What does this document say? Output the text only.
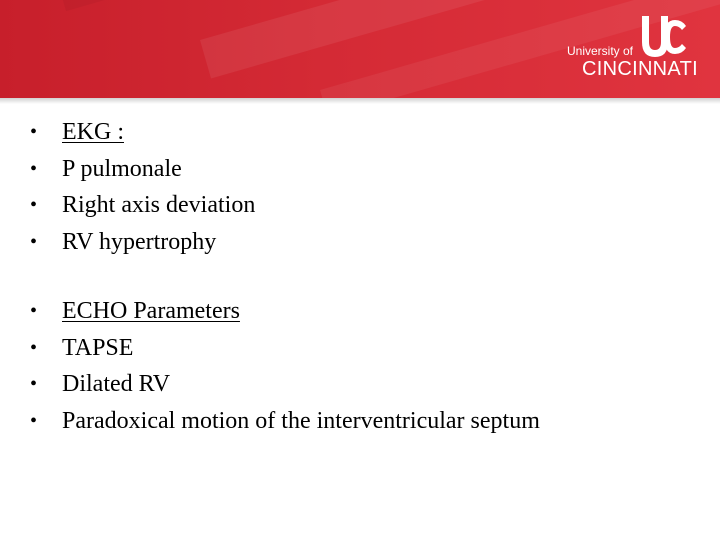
University of
CINCINNATI
• EKG :
• P pulmonale
• Right axis deviation
• RV hypertrophy
• ECHO Parameters
• TAPSE
• Dilated RV
• Paradoxical motion of the interventricular septum
